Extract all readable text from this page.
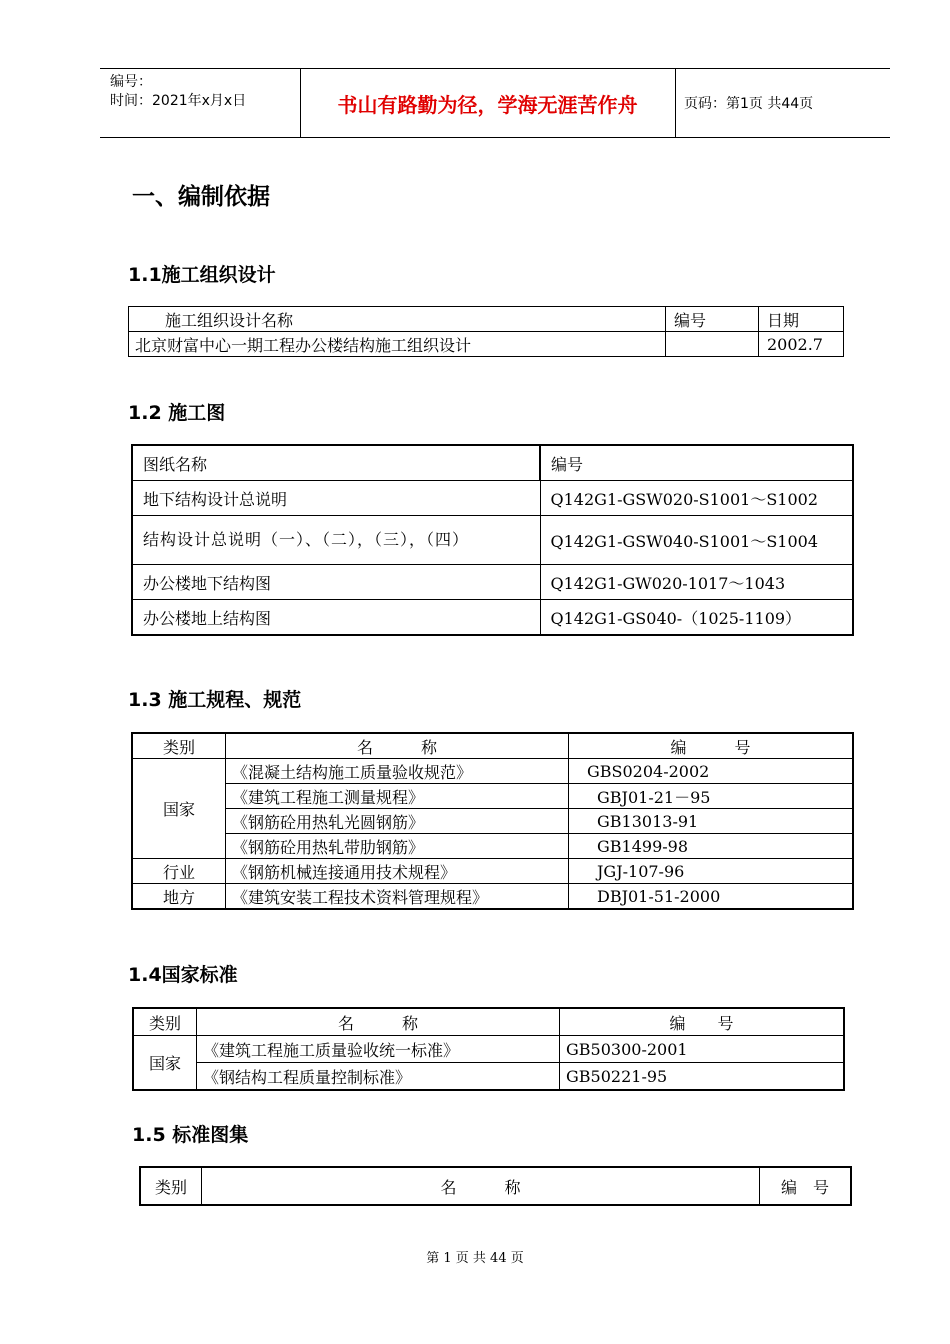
编号：
时间：2021年x月x日	书山有路勤为径，学海无涯苦作舟	页码：第1页 共44页
一、编制依据
1.1施工组织设计
施工组织设计名称	编号	日期
北京财富中心一期工程办公楼结构施工组织设计		2002.7
1.2 施工图
图纸名称	编号
地下结构设计总说明	Q142G1-GSW020-S1001～S1002
结构设计总说明（一）、（二），（三），（四）	Q142G1-GSW040-S1001～S1004
办公楼地下结构图	Q142G1-GW020-1017～1043
办公楼地上结构图	Q142G1-GS040-（1025-1109）
1.3 施工规程、规范
类别	名　　　称	编　　　号
国家	《混凝土结构施工质量验收规范》	GBS0204-2002
	《建筑工程施工测量规程》	GBJ01-21－95
	《钢筋砼用热轧光圆钢筋》	GB13013-91
	《钢筋砼用热轧带肋钢筋》	GB1499-98
行业	《钢筋机械连接通用技术规程》	JGJ-107-96
地方	《建筑安装工程技术资料管理规程》	DBJ01-51-2000
1.4国家标准
类别	名　　　称	编　　号
国家	《建筑工程施工质量验收统一标准》	GB50300-2001
	《钢结构工程质量控制标准》	GB50221-95
1.5 标准图集
类别	名　　　称	编　号
第 1 页 共 44 页
